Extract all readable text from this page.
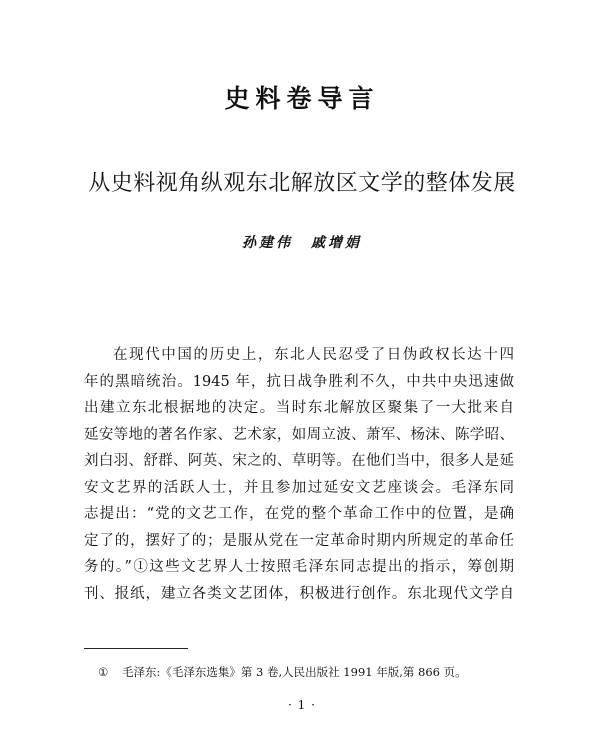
史料卷导言
从史料视角纵观东北解放区文学的整体发展
孙建伟 戚增娟
在现代中国的历史上，东北人民忍受了日伪政权长达十四
年的黑暗统治。1945 年，抗日战争胜利不久，中共中央迅速做
出建立东北根据地的决定。当时东北解放区聚集了一大批来自
延安等地的著名作家、艺术家，如周立波、萧军、杨沫、陈学昭、
刘白羽、舒群、阿英、宋之的、草明等。在他们当中，很多人是延
安文艺界的活跃人士，并且参加过延安文艺座谈会。毛泽东同
志提出：“党的文艺工作，在党的整个革命工作中的位置，是确
定了的，摆好了的；是服从党在一定革命时期内所规定的革命任
务的。”①这些文艺界人士按照毛泽东同志提出的指示，筹创期
刊、报纸，建立各类文艺团体，积极进行创作。东北现代文学自
① 毛泽东:《毛泽东选集》第 3 卷,人民出版社 1991 年版,第 866 页。
· 1 ·
